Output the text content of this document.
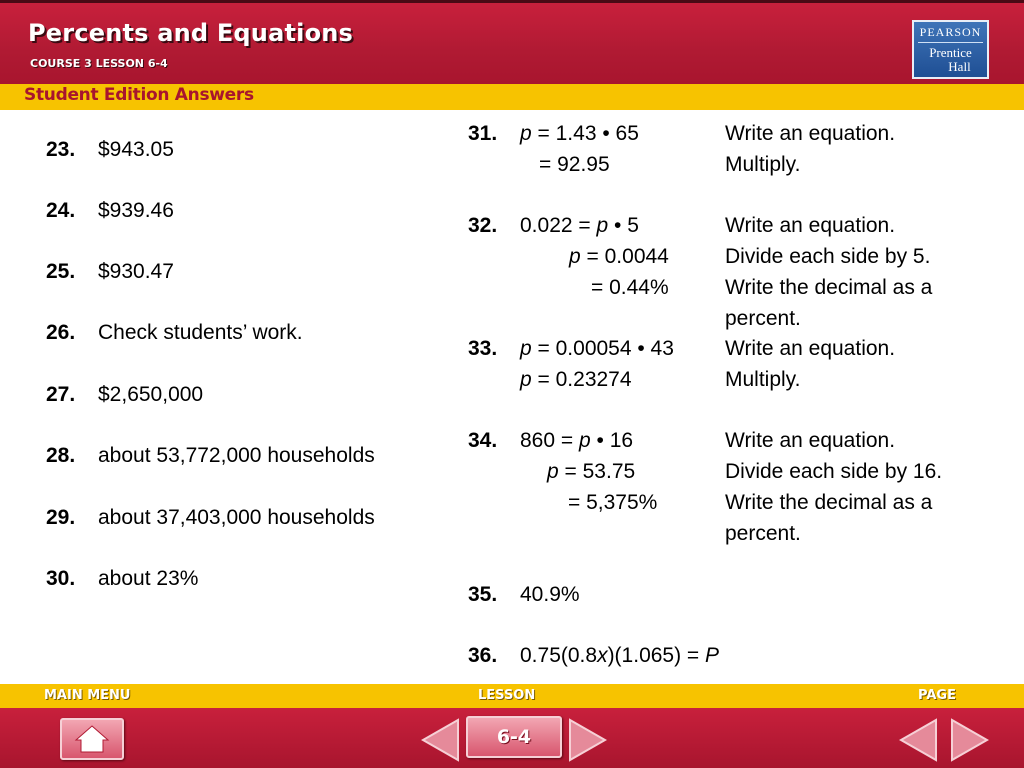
Percents and Equations
COURSE 3 LESSON 6-4
PEARSON
Prentice
Hall
Student Edition Answers
23. $943.05
24. $939.46
25. $930.47
26. Check students’ work.
27. $2,650,000
28. about 53,772,000 households
29. about 37,403,000 households
30. about 23%
31. p = 1.43 • 65	Write an equation.
= 92.95	Multiply.
32. 0.022 = p • 5	Write an equation.
p = 0.0044	Divide each side by 5.
= 0.44%	Write the decimal as a
percent.
33. p = 0.00054 • 43 Write an equation.
p = 0.23274	Multiply.
34. 860 = p • 16	Write an equation.
p = 53.75	Divide each side by 16.
= 5,375%	Write the decimal as a
percent.
35. 40.9%
36. 0.75(0.8x)(1.065) = P
MAIN MENU	LESSON	PAGE
6-4
